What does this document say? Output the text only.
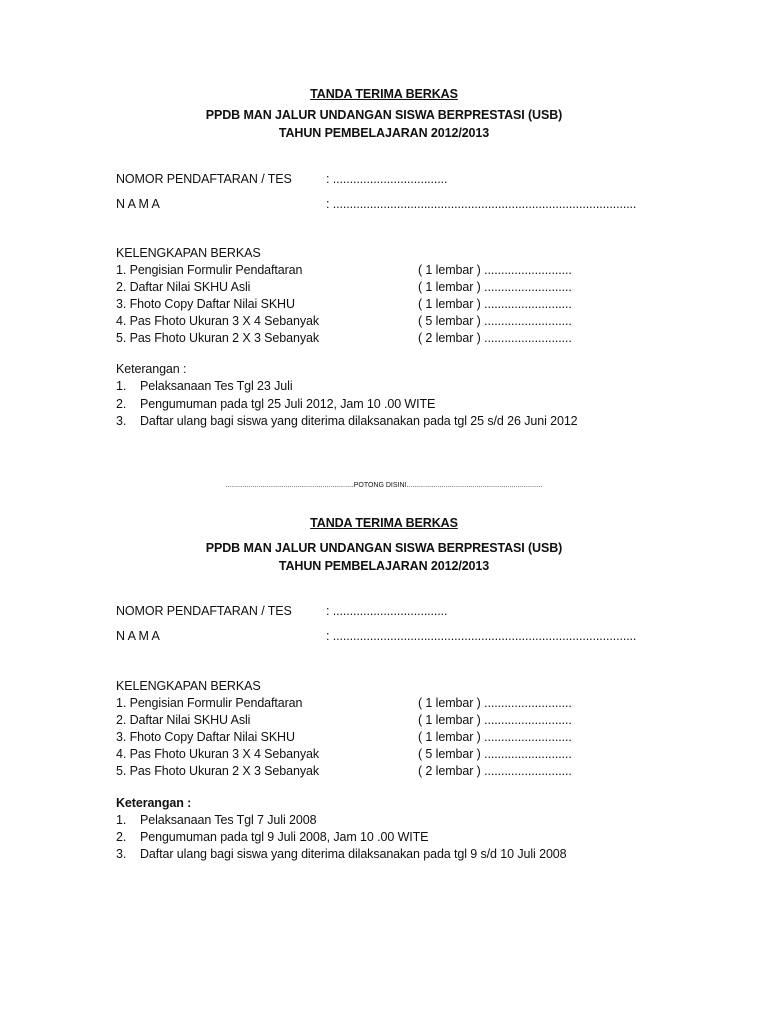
TANDA TERIMA BERKAS
PPDB MAN JALUR UNDANGAN SISWA BERPRESTASI (USB)
TAHUN PEMBELAJARAN 2012/2013
NOMOR PENDAFTARAN / TES	: ..................................
N A M A	: ..........................................................................................
KELENGKAPAN BERKAS
1. Pengisian Formulir Pendaftaran	( 1 lembar ) ..........................
2. Daftar Nilai SKHU Asli	( 1 lembar ) ..........................
3. Fhoto Copy Daftar Nilai SKHU	( 1 lembar ) ..........................
4. Pas Fhoto Ukuran 3 X 4 Sebanyak	( 5 lembar ) ..........................
5. Pas Fhoto Ukuran 2 X 3 Sebanyak	( 2 lembar ) ..........................
Keterangan :
1. Pelaksanaan Tes Tgl 23 Juli
2. Pengumuman pada tgl 25 Juli 2012, Jam 10 .00 WITE
3. Daftar ulang bagi siswa yang diterima dilaksanakan pada tgl 25 s/d 26 Juni 2012
..................................................................POTONG DISINI......................................................................
TANDA TERIMA BERKAS
PPDB MAN JALUR UNDANGAN SISWA BERPRESTASI (USB)
TAHUN PEMBELAJARAN 2012/2013
NOMOR PENDAFTARAN / TES	: ..................................
N A M A	: ..........................................................................................
KELENGKAPAN BERKAS
1. Pengisian Formulir Pendaftaran	( 1 lembar ) ..........................
2. Daftar Nilai SKHU Asli	( 1 lembar ) ..........................
3. Fhoto Copy Daftar Nilai SKHU	( 1 lembar ) ..........................
4. Pas Fhoto Ukuran 3 X 4 Sebanyak	( 5 lembar ) ..........................
5. Pas Fhoto Ukuran 2 X 3 Sebanyak	( 2 lembar ) ..........................
Keterangan :
1. Pelaksanaan Tes Tgl 7 Juli 2008
2. Pengumuman pada tgl 9 Juli 2008, Jam 10 .00 WITE
3. Daftar ulang bagi siswa yang diterima dilaksanakan pada tgl 9 s/d 10 Juli 2008
